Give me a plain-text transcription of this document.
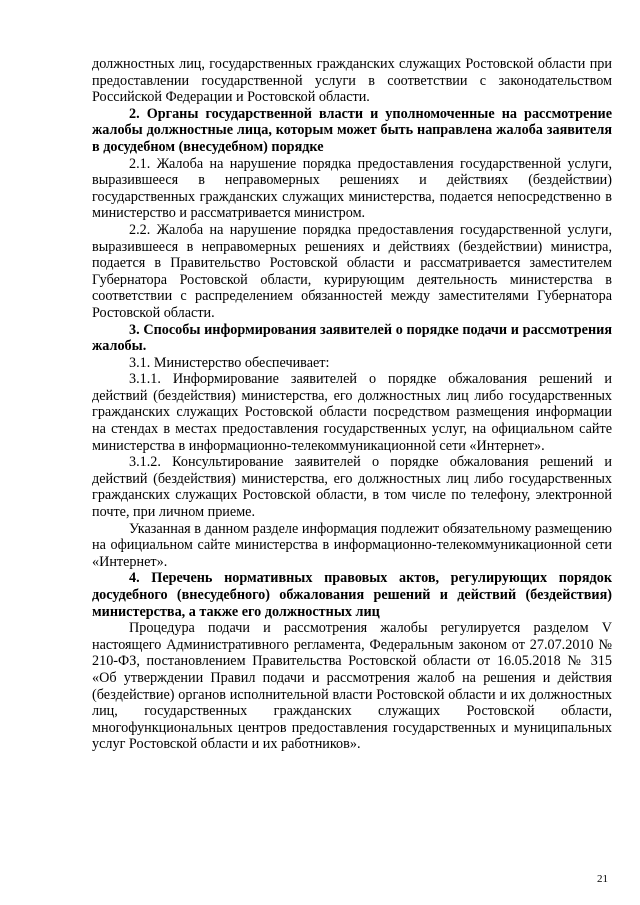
должностных лиц, государственных гражданских служащих Ростовской области при предоставлении государственной услуги в соответствии с законодательством Российской Федерации и Ростовской области.

2. Органы государственной власти и уполномоченные на рассмотрение жалобы должностные лица, которым может быть направлена жалоба заявителя в досудебном (внесудебном) порядке

2.1. Жалоба на нарушение порядка предоставления государственной услуги, выразившееся в неправомерных решениях и действиях (бездействии) государственных гражданских служащих министерства, подается непосредственно в министерство и рассматривается министром.

2.2. Жалоба на нарушение порядка предоставления государственной услуги, выразившееся в неправомерных решениях и действиях (бездействии) министра, подается в Правительство Ростовской области и рассматривается заместителем Губернатора Ростовской области, курирующим деятельность министерства в соответствии с распределением обязанностей между заместителями Губернатора Ростовской области.

3. Способы информирования заявителей о порядке подачи и рассмотрения жалобы.

3.1. Министерство обеспечивает:

3.1.1. Информирование заявителей о порядке обжалования решений и действий (бездействия) министерства, его должностных лиц либо государственных гражданских служащих Ростовской области посредством размещения информации на стендах в местах предоставления государственных услуг, на официальном сайте министерства в информационно-телекоммуникационной сети «Интернет».

3.1.2. Консультирование заявителей о порядке обжалования решений и действий (бездействия) министерства, его должностных лиц либо государственных гражданских служащих Ростовской области, в том числе по телефону, электронной почте, при личном приеме.

Указанная в данном разделе информация подлежит обязательному размещению на официальном сайте министерства в информационно-телекоммуникационной сети «Интернет».

4. Перечень нормативных правовых актов, регулирующих порядок досудебного (внесудебного) обжалования решений и действий (бездействия) министерства, а также его должностных лиц

Процедура подачи и рассмотрения жалобы регулируется разделом V настоящего Административного регламента, Федеральным законом от 27.07.2010 № 210-ФЗ, постановлением Правительства Ростовской области от 16.05.2018 № 315 «Об утверждении Правил подачи и рассмотрения жалоб на решения и действия (бездействие) органов исполнительной власти Ростовской области и их должностных лиц, государственных гражданских служащих Ростовской области, многофункциональных центров предоставления государственных и муниципальных услуг Ростовской области и их работников».

21
